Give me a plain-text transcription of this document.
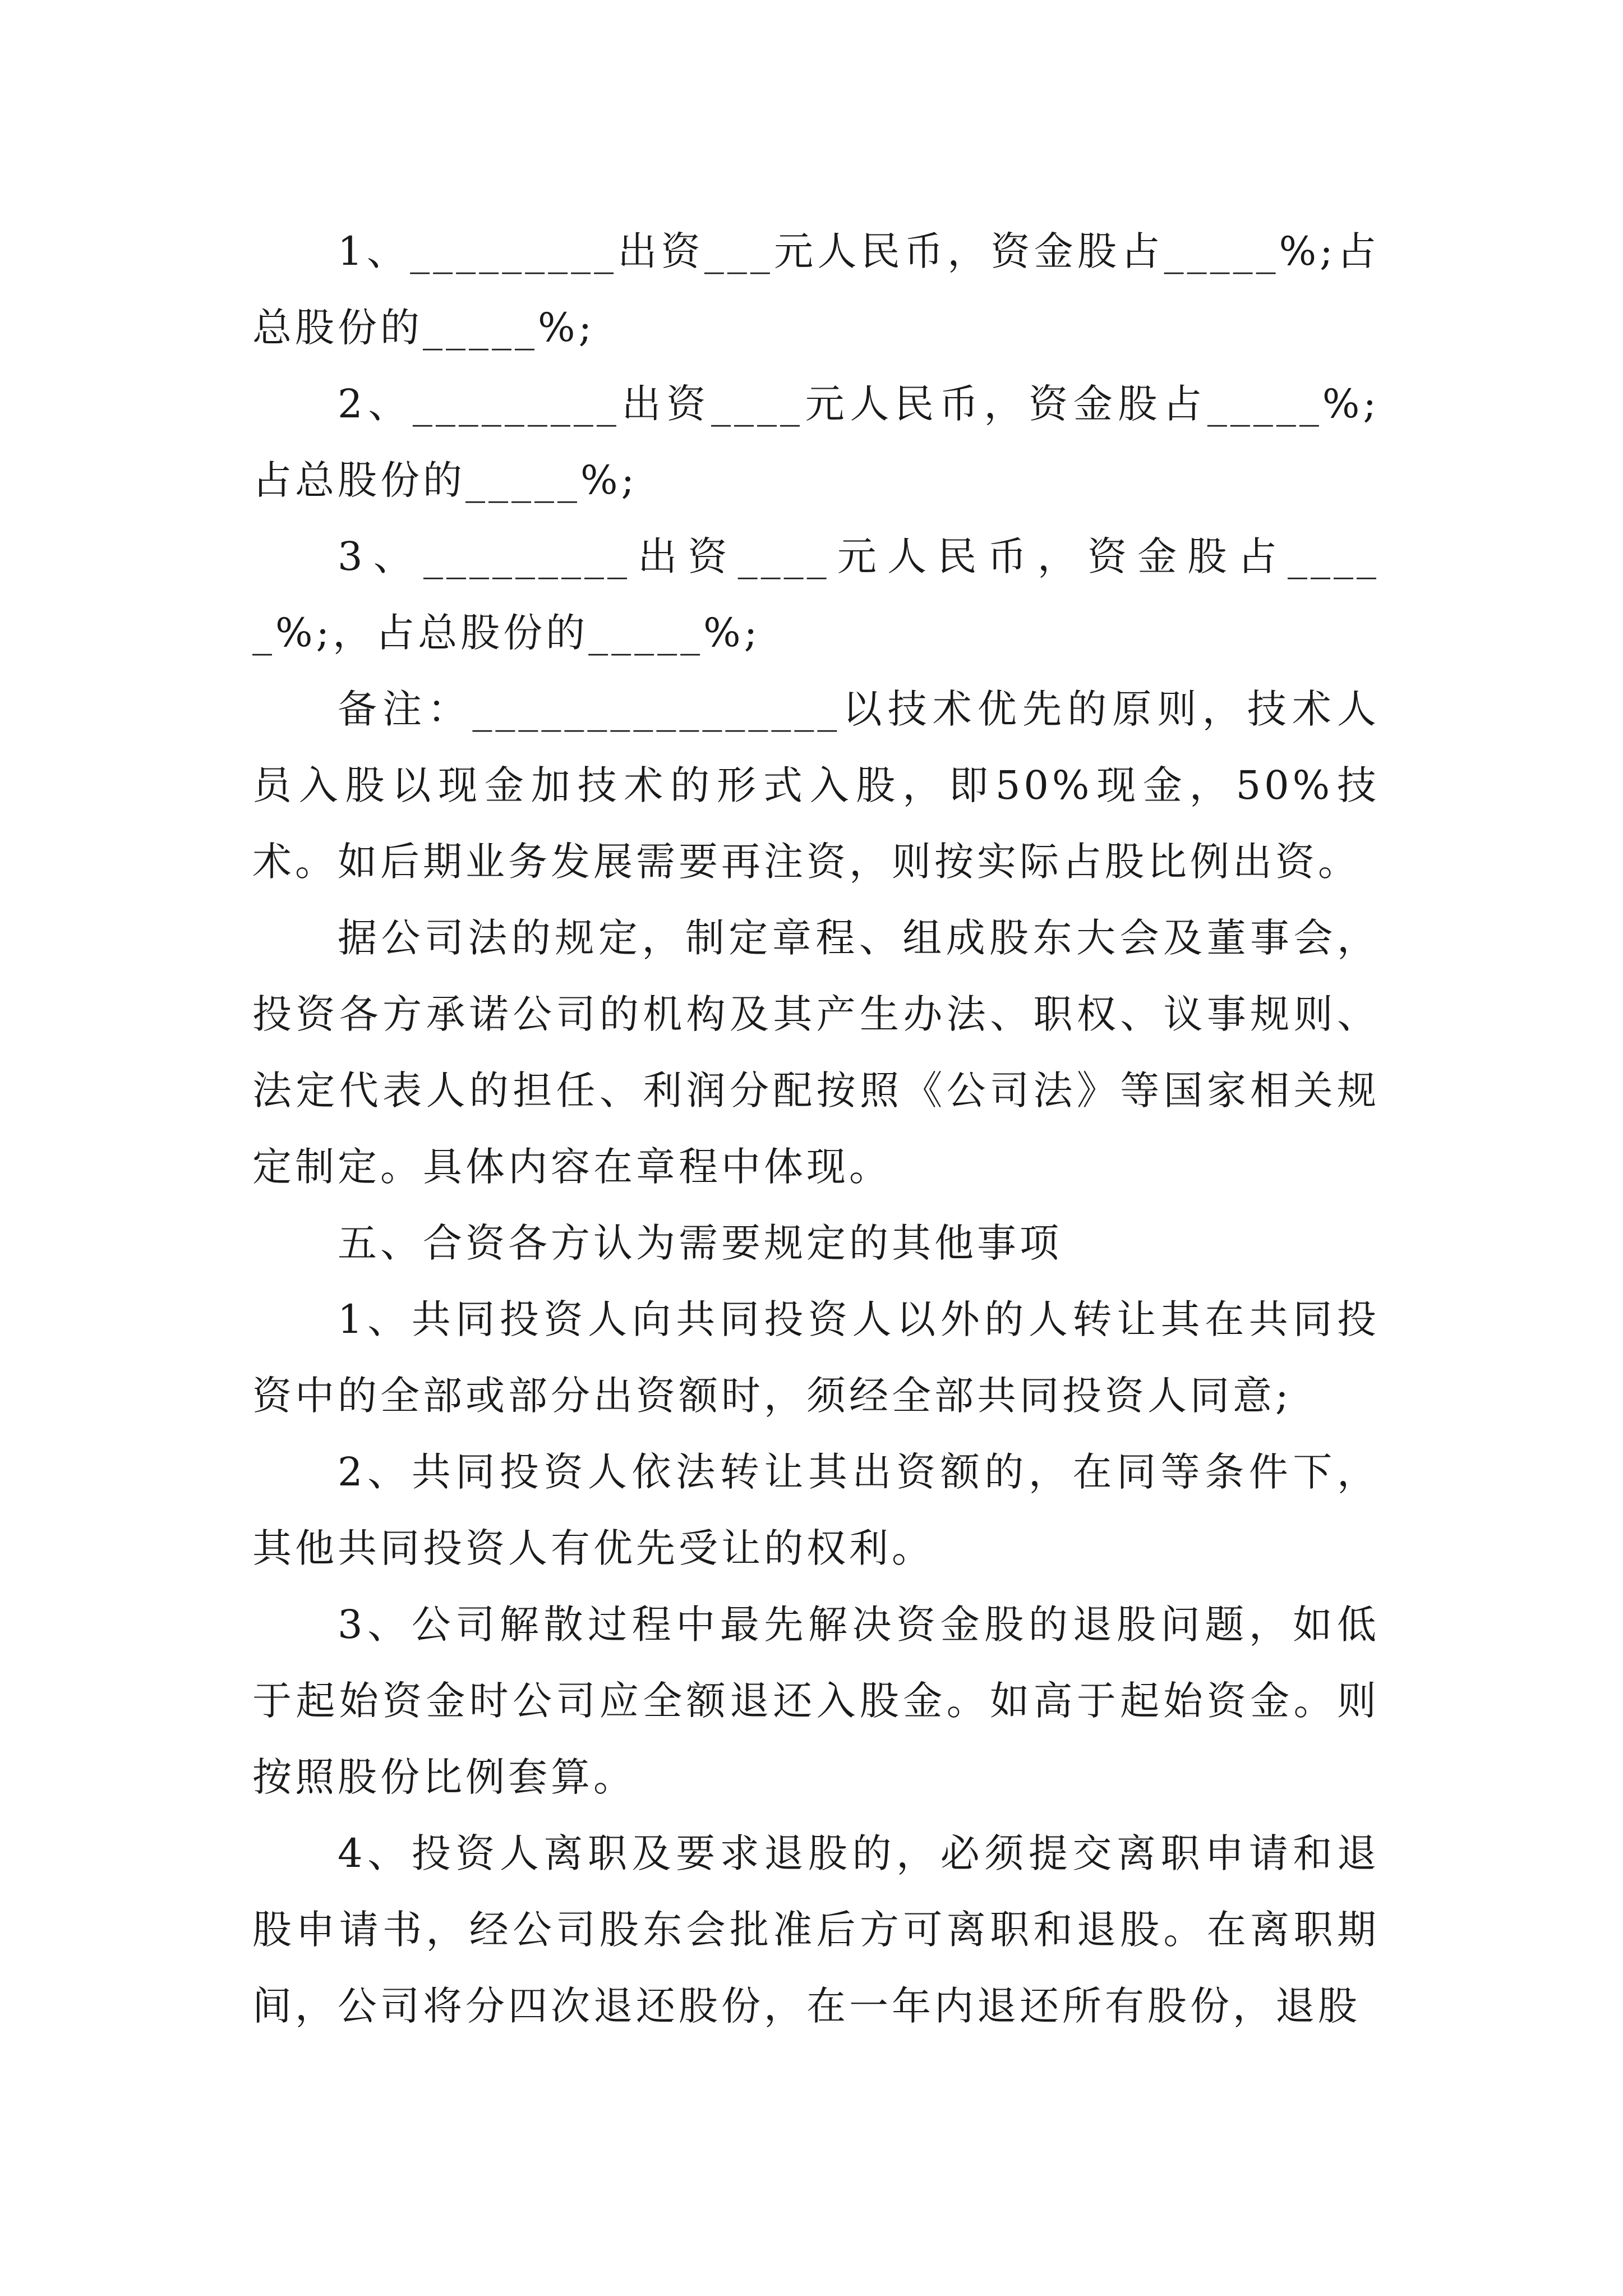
1、_________出资___元人民币，资金股占_____%;占总股份的_____%;

2、_________出资____元人民币，资金股占_____%;占总股份的_____%;

3、_________出资____元人民币，资金股占_____%;，占总股份的_____%;

备注：________________以技术优先的原则，技术人员入股以现金加技术的形式入股，即50%现金，50%技术。如后期业务发展需要再注资，则按实际占股比例出资。

据公司法的规定，制定章程、组成股东大会及董事会，投资各方承诺公司的机构及其产生办法、职权、议事规则、法定代表人的担任、利润分配按照《公司法》等国家相关规定制定。具体内容在章程中体现。

五、合资各方认为需要规定的其他事项

1、共同投资人向共同投资人以外的人转让其在共同投资中的全部或部分出资额时，须经全部共同投资人同意;

2、共同投资人依法转让其出资额的，在同等条件下，其他共同投资人有优先受让的权利。

3、公司解散过程中最先解决资金股的退股问题，如低于起始资金时公司应全额退还入股金。如高于起始资金。则按照股份比例套算。

4、投资人离职及要求退股的，必须提交离职申请和退股申请书，经公司股东会批准后方可离职和退股。在离职期间，公司将分四次退还股份，在一年内退还所有股份，退股
